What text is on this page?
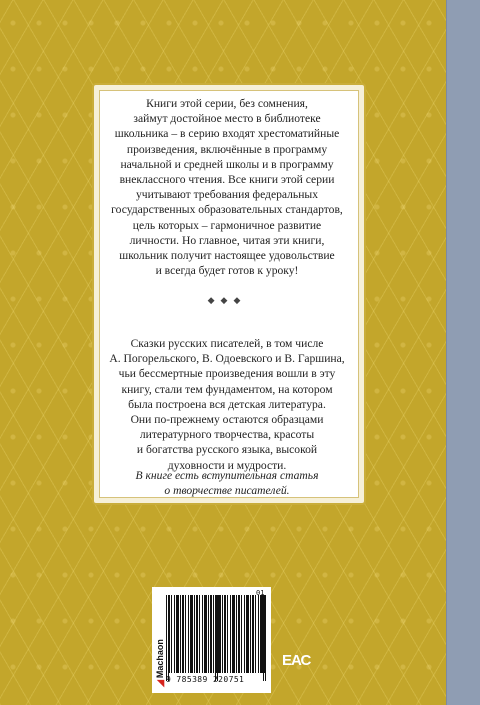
Книги этой серии, без сомнения,
займут достойное место в библиотеке
школьника – в серию входят хрестоматийные
произведения, включённые в программу
начальной и средней школы и в программу
внеклассного чтения. Все книги этой серии
учитывают требования федеральных
государственных образовательных стандартов,
цель которых – гармоничное развитие
личности. Но главное, читая эти книги,
школьник получит настоящее удовольствие
и всегда будет готов к уроку!
◆◆◆
Сказки русских писателей, в том числе
А. Погорельского, В. Одоевского и В. Гаршина,
чьи бессмертные произведения вошли в эту
книгу, стали тем фундаментом, на котором
была построена вся детская литература.
Они по-прежнему остаются образцами
литературного творчества, красоты
и богатства русского языка, высокой
духовности и мудрости.
В книге есть вступительная статья
о творчестве писателей.
◢Machaon
01
9 785389 220751
ЕАС
